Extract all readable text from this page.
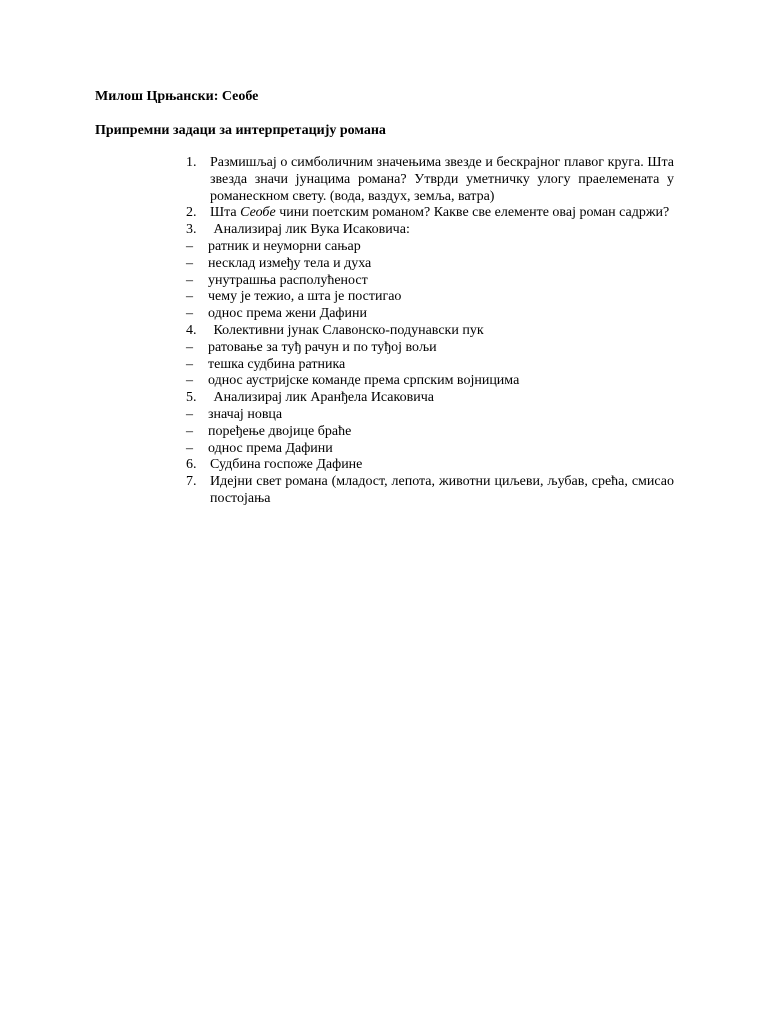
Милош Црњански: Сеобе
Припремни задаци за интерпретацију романа
1. Размишљај о симболичним значењима звезде и бескрајног плавог круга. Шта звезда значи јунацима романа? Утврди уметничку улогу праелемената у романескном свету. (вода, ваздух, земља, ватра)
2. Шта Сеобе чини поетским романом? Какве све елементе овај роман садржи?
3. Анализирај лик Вука Исаковича:
–	ратник и неуморни сањар
–	несклад између тела и духа
–	унутрашња располућеност
–	чему је тежио, а шта је постигао
–	однос према жени Дафини
4. Колективни јунак Славонско-подунавски пук
–	ратовање за туђ рачун и по туђој вољи
–	тешка судбина ратника
–	однос аустријске команде према српским војницима
5. Анализирај лик Аранђела Исаковича
–	значај новца
–	поређење двојице браће
–	однос према Дафини
6. Судбина госпоже Дафине
7. Идејни свет романа (младост, лепота, животни циљеви, љубав, срећа, смисао постојања
